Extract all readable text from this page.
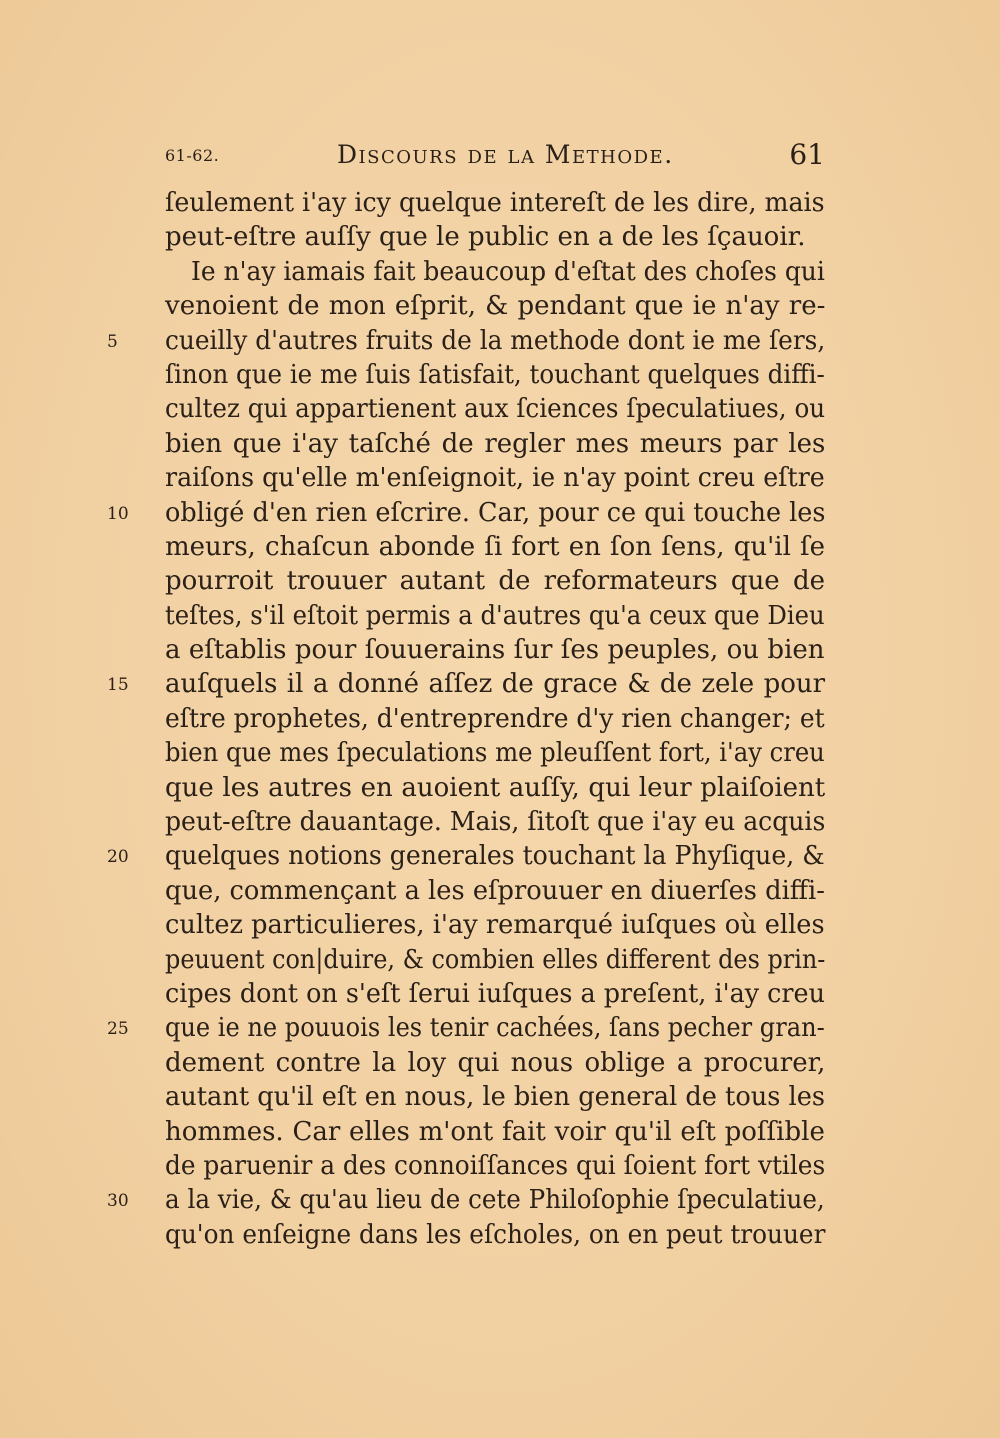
61-62.	Discours de la Methode.	61
ſeulement i'ay icy quelque intereſt de les dire, mais
peut-eſtre auſſy que le public en a de les ſçauoir.
Ie n'ay iamais fait beaucoup d'eſtat des choſes qui
venoient de mon eſprit, & pendant que ie n'ay re-
5	cueilly d'autres fruits de la methode dont ie me ſers,
ſinon que ie me ſuis ſatisfait, touchant quelques diffi-
cultez qui appartienent aux ſciences ſpeculatiues, ou
bien que i'ay taſché de regler mes meurs par les
raiſons qu'elle m'enſeignoit, ie n'ay point creu eſtre
10	obligé d'en rien eſcrire. Car, pour ce qui touche les
meurs, chaſcun abonde ſi fort en ſon ſens, qu'il ſe
pourroit trouuer autant de reformateurs que de
teſtes, s'il eſtoit permis a d'autres qu'a ceux que Dieu
a eſtablis pour ſouuerains ſur ſes peuples, ou bien
15	auſquels il a donné aſſez de grace & de zele pour
eſtre prophetes, d'entreprendre d'y rien changer; et
bien que mes ſpeculations me pleuſſent fort, i'ay creu
que les autres en auoient auſſy, qui leur plaiſoient
peut-eſtre dauantage. Mais, ſitoſt que i'ay eu acquis
20	quelques notions generales touchant la Phyſique, &
que, commençant a les eſprouuer en diuerſes diffi-
cultez particulieres, i'ay remarqué iuſques où elles
peuuent con|duire, & combien elles different des prin-
cipes dont on s'eſt ſerui iuſques a preſent, i'ay creu
25	que ie ne pouuois les tenir cachées, ſans pecher gran-
dement contre la loy qui nous oblige a procurer,
autant qu'il eſt en nous, le bien general de tous les
hommes. Car elles m'ont fait voir qu'il eſt poſſible
de paruenir a des connoiſſances qui ſoient fort vtiles
30	a la vie, & qu'au lieu de cete Philoſophie ſpeculatiue,
qu'on enſeigne dans les eſcholes, on en peut trouuer
